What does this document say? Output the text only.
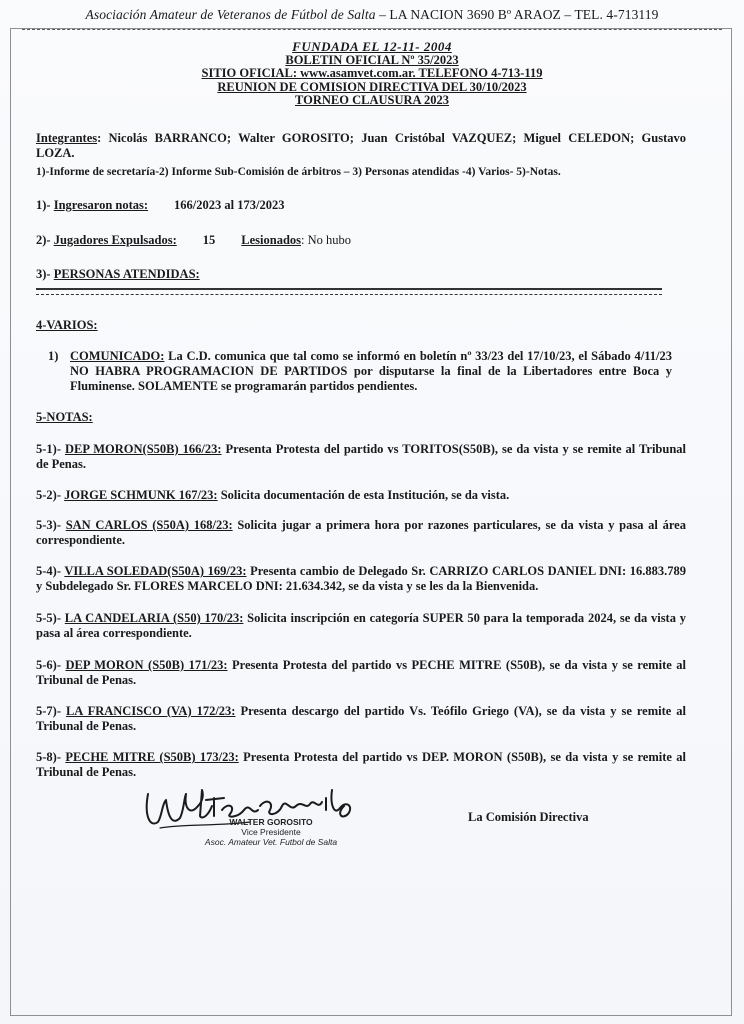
Asociación Amateur de Veteranos de Fútbol de Salta – LA NACION 3690 Bº ARAOZ – TEL. 4-713119
FUNDADA EL 12-11- 2004
BOLETIN OFICIAL Nº 35/2023
SITIO OFICIAL: www.asamvet.com.ar. TELEFONO 4-713-119
REUNION DE COMISION DIRECTIVA DEL 30/10/2023
TORNEO CLAUSURA 2023
Integrantes: Nicolás BARRANCO; Walter GOROSITO; Juan Cristóbal VAZQUEZ; Miguel CELEDON; Gustavo LOZA.
1)-Informe de secretaría-2) Informe Sub-Comisión de árbitros – 3) Personas atendidas -4) Varios- 5)-Notas.
1)- Ingresaron notas: 166/2023 al 173/2023
2)- Jugadores Expulsados: 15 Lesionados: No hubo
3)- PERSONAS ATENDIDAS:
4-VARIOS:
1) COMUNICADO: La C.D. comunica que tal como se informó en boletín nº 33/23 del 17/10/23, el Sábado 4/11/23 NO HABRA PROGRAMACION DE PARTIDOS por disputarse la final de la Libertadores entre Boca y Fluminense. SOLAMENTE se programarán partidos pendientes.
5-NOTAS:
5-1)- DEP MORON(S50B) 166/23: Presenta Protesta del partido vs TORITOS(S50B), se da vista y se remite al Tribunal de Penas.
5-2)- JORGE SCHMUNK 167/23: Solicita documentación de esta Institución, se da vista.
5-3)- SAN CARLOS (S50A) 168/23: Solicita jugar a primera hora por razones particulares, se da vista y pasa al área correspondiente.
5-4)- VILLA SOLEDAD(S50A) 169/23: Presenta cambio de Delegado Sr. CARRIZO CARLOS DANIEL DNI: 16.883.789 y Subdelegado Sr. FLORES MARCELO DNI: 21.634.342, se da vista y se les da la Bienvenida.
5-5)- LA CANDELARIA (S50) 170/23: Solicita inscripción en categoría SUPER 50 para la temporada 2024, se da vista y pasa al área correspondiente.
5-6)- DEP MORON (S50B) 171/23: Presenta Protesta del partido vs PECHE MITRE (S50B), se da vista y se remite al Tribunal de Penas.
5-7)- LA FRANCISCO (VA) 172/23: Presenta descargo del partido Vs. Teófilo Griego (VA), se da vista y se remite al Tribunal de Penas.
5-8)- PECHE MITRE (S50B) 173/23: Presenta Protesta del partido vs DEP. MORON (S50B), se da vista y se remite al Tribunal de Penas.
WALTER GOROSITO
Vice Presidente
Asoc. Amateur Vet. Futbol de Salta
La Comisión Directiva
